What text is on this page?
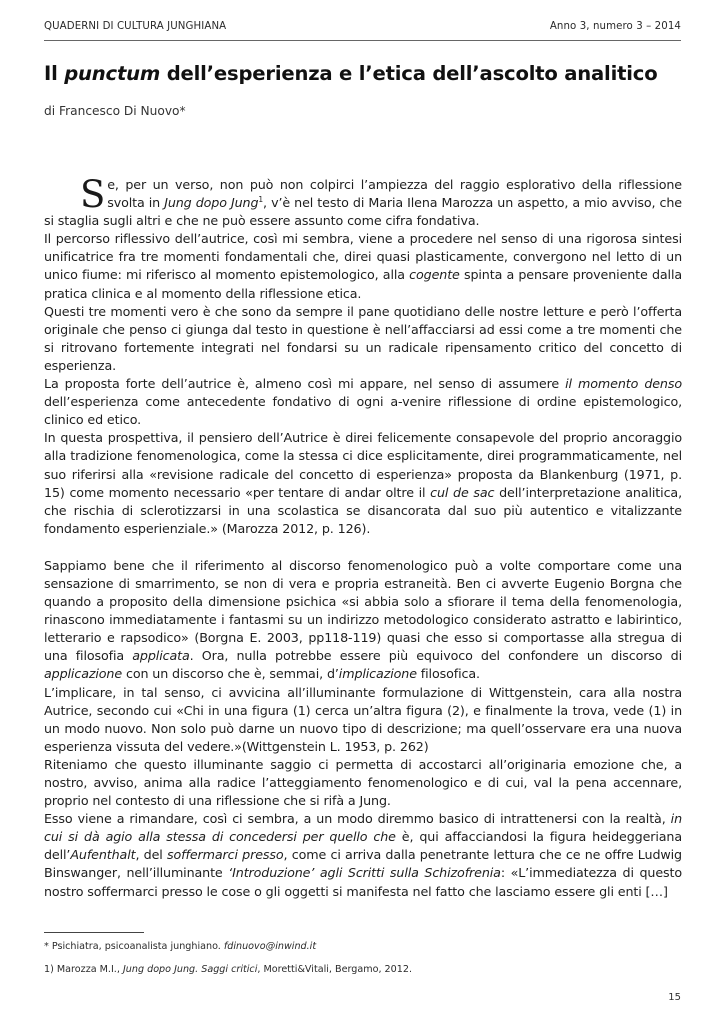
QUADERNI DI CULTURA JUNGHIANA	Anno 3, numero 3 – 2014
Il punctum dell’esperienza e l’etica dell’ascolto analitico
di Francesco Di Nuovo*

Se, per un verso, non può non colpirci l’ampiezza del raggio esplorativo della riflessione svolta in Jung dopo Jung$^1$, v’è nel testo di Maria Ilena Marozza un aspetto, a mio avviso, che si staglia sugli altri e che ne può essere assunto come cifra fondativa.

Il percorso riflessivo dell’autrice, così mi sembra, viene a procedere nel senso di una rigorosa sintesi unificatrice fra tre momenti fondamentali che, direi quasi plasticamente, convergono nel letto di un unico fiume: mi riferisco al momento epistemologico, alla cogente spinta a pensare proveniente dalla pratica clinica e al momento della riflessione etica.

Questi tre momenti vero è che sono da sempre il pane quotidiano delle nostre letture e però l’offerta originale che penso ci giunga dal testo in questione è nell’affacciarsi ad essi come a tre momenti che si ritrovano fortemente integrati nel fondarsi su un radicale ripensamento critico del concetto di esperienza.

La proposta forte dell’autrice è, almeno così mi appare, nel senso di assumere il momento denso dell’esperienza come antecedente fondativo di ogni a-venire riflessione di ordine epistemologico, clinico ed etico.

In questa prospettiva, il pensiero dell’Autrice è direi felicemente consapevole del proprio ancoraggio alla tradizione fenomenologica, come la stessa ci dice esplicitamente, direi programmaticamente, nel suo riferirsi alla «revisione radicale del concetto di esperienza» proposta da Blankenburg (1971, p. 15) come momento necessario «per tentare di andar oltre il cul de sac dell’interpretazione analitica, che rischia di sclerotizzarsi in una scolastica se disancorata dal suo più autentico e vitalizzante fondamento esperienziale.» (Marozza 2012, p. 126).

Sappiamo bene che il riferimento al discorso fenomenologico può a volte comportare come una sensazione di smarrimento, se non di vera e propria estraneità. Ben ci avverte Eugenio Borgna che quando a proposito della dimensione psichica «si abbia solo a sfiorare il tema della fenomenologia, rinascono immediatamente i fantasmi su un indirizzo metodologico considerato astratto e labirintico, letterario e rapsodico» (Borgna E. 2003, pp118-119) quasi che esso si comportasse alla stregua di una filosofia applicata. Ora, nulla potrebbe essere più equivoco del confondere un discorso di applicazione con un discorso che è, semmai, d’implicazione filosofica.

L’implicare, in tal senso, ci avvicina all’illuminante formulazione di Wittgenstein, cara alla nostra Autrice, secondo cui «Chi in una figura (1) cerca un’altra figura (2), e finalmente la trova, vede (1) in un modo nuovo. Non solo può darne un nuovo tipo di descrizione; ma quell’osservare era una nuova esperienza vissuta del vedere.»(Wittgenstein L. 1953, p. 262)

Riteniamo che questo illuminante saggio ci permetta di accostarci all’originaria emozione che, a nostro, avviso, anima alla radice l’atteggiamento fenomenologico e di cui, val la pena accennare, proprio nel contesto di una riflessione che si rifà a Jung.

Esso viene a rimandare, così ci sembra, a un modo diremmo basico di intrattenersi con la realtà, in cui si dà agio alla stessa di concedersi per quello che è, qui affacciandosi la figura heideggeriana dell’Aufenthalt, del soffermarci presso, come ci arriva dalla penetrante lettura che ce ne offre Ludwig Binswanger, nell’illuminante ‘Introduzione’ agli Scritti sulla Schizofrenia: «L’immediatezza di questo nostro soffermarci presso le cose o gli oggetti si manifesta nel fatto che lasciamo essere gli enti […]

* Psichiatra, psicoanalista junghiano. fdinuovo@inwind.it

1) Marozza M.I., Jung dopo Jung. Saggi critici, Moretti&Vitali, Bergamo, 2012.

15
